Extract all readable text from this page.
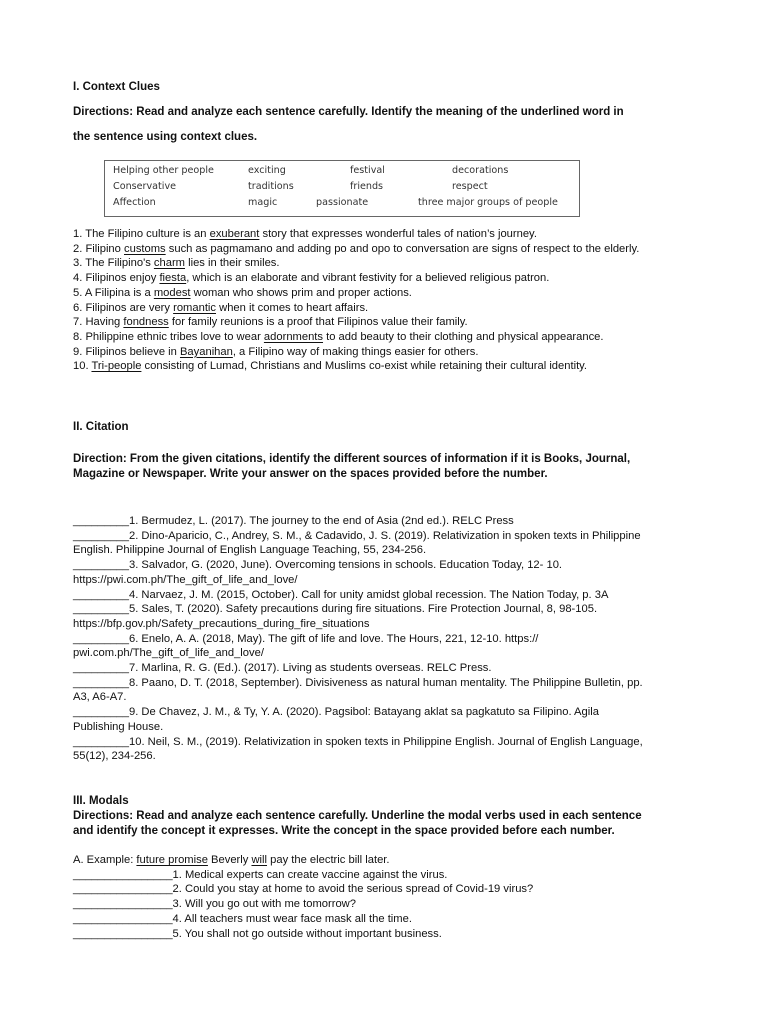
I. Context Clues
Directions: Read and analyze each sentence carefully. Identify the meaning of the underlined word in
the sentence using context clues.
Helping other people	exciting	festival	decorations
Conservative	traditions	friends	respect
Affection	magic	passionate	three major groups of people

1. The Filipino culture is an exuberant story that expresses wonderful tales of nation’s journey.

2. Filipino customs such as pagmamano and adding po and opo to conversation are signs of respect to the elderly.

3. The Filipino's charm lies in their smiles.

4. Filipinos enjoy fiesta, which is an elaborate and vibrant festivity for a believed religious patron.

5. A Filipina is a modest woman who shows prim and proper actions.

6. Filipinos are very romantic when it comes to heart affairs.

7. Having fondness for family reunions is a proof that Filipinos value their family.

8. Philippine ethnic tribes love to wear adornments to add beauty to their clothing and physical appearance.

9. Filipinos believe in Bayanihan, a Filipino way of making things easier for others.

10. Tri-people consisting of Lumad, Christians and Muslims co-exist while retaining their cultural identity.

II. Citation
Direction: From the given citations, identify the different sources of information if it is Books, Journal,
Magazine or Newspaper. Write your answer on the spaces provided before the number.

_________1. Bermudez, L. (2017). The journey to the end of Asia (2nd ed.). RELC Press

_________2. Dino-Aparicio, C., Andrey, S. M., & Cadavido, J. S. (2019). Relativization in spoken texts in Philippine English. Philippine Journal of English Language Teaching, 55, 234-256.

_________3. Salvador, G. (2020, June). Overcoming tensions in schools. Education Today, 12- 10. https://pwi.com.ph/The_gift_of_life_and_love/

_________4. Narvaez, J. M. (2015, October). Call for unity amidst global recession. The Nation Today, p. 3A

_________5. Sales, T. (2020). Safety precautions during fire situations. Fire Protection Journal, 8, 98-105. https://bfp.gov.ph/Safety_precautions_during_fire_situations

_________6. Enelo, A. A. (2018, May). The gift of life and love. The Hours, 221, 12-10. https:// pwi.com.ph/The_gift_of_life_and_love/

_________7. Marlina, R. G. (Ed.). (2017). Living as students overseas. RELC Press.

_________8. Paano, D. T. (2018, September). Divisiveness as natural human mentality. The Philippine Bulletin, pp. A3, A6-A7.

_________9. De Chavez, J. M., & Ty, Y. A. (2020). Pagsibol: Batayang aklat sa pagkatuto sa Filipino. Agila Publishing House.

_________10. Neil, S. M., (2019). Relativization in spoken texts in Philippine English. Journal of English Language, 55(12), 234-256.

III. Modals
Directions: Read and analyze each sentence carefully. Underline the modal verbs used in each sentence and identify the concept it expresses. Write the concept in the space provided before each number.

A. Example: future promise Beverly will pay the electric bill later.

________________1. Medical experts can create vaccine against the virus.

________________2. Could you stay at home to avoid the serious spread of Covid-19 virus?

________________3. Will you go out with me tomorrow?

________________4. All teachers must wear face mask all the time.

________________5. You shall not go outside without important business.
